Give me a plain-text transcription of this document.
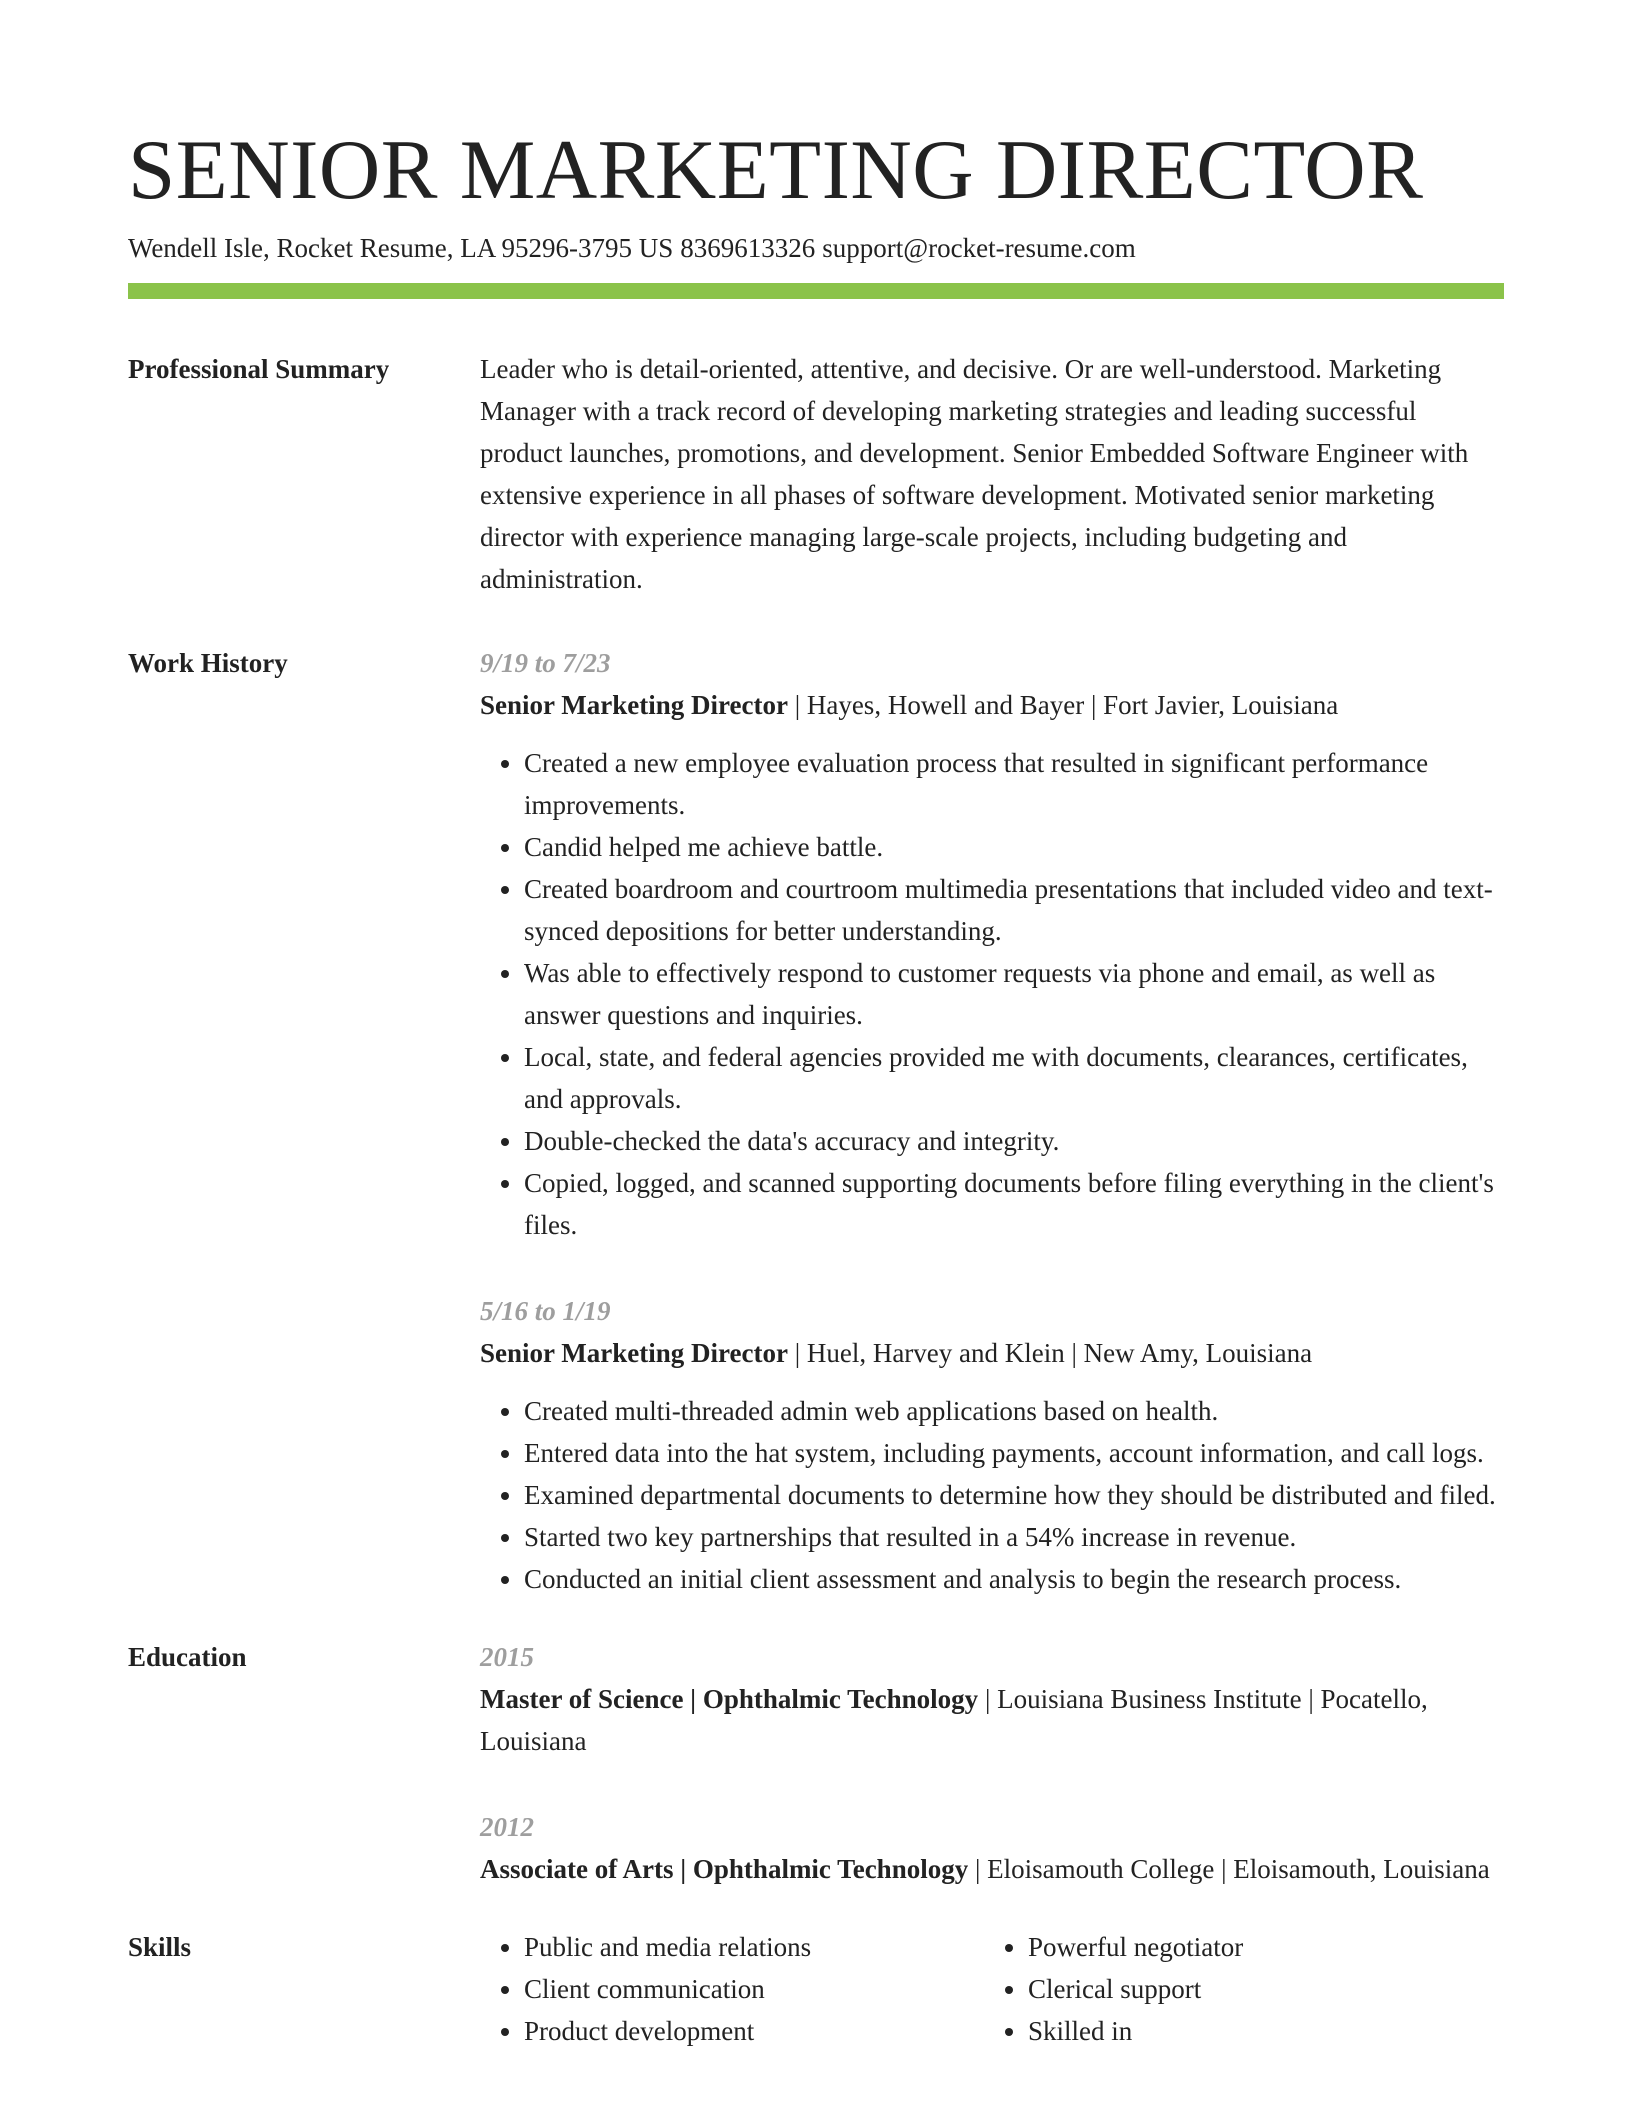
SENIOR MARKETING DIRECTOR
Wendell Isle, Rocket Resume, LA 95296-3795 US 8369613326 support@rocket-resume.com
Professional Summary	Leader who is detail-oriented, attentive, and decisive. Or are well-understood. Marketing Manager with a track record of developing marketing strategies and leading successful product launches, promotions, and development. Senior Embedded Software Engineer with extensive experience in all phases of software development. Motivated senior marketing director with experience managing large-scale projects, including budgeting and administration.
Work History	9/19 to 7/23
Senior Marketing Director | Hayes, Howell and Bayer | Fort Javier, Louisiana
• Created a new employee evaluation process that resulted in significant performance improvements.
• Candid helped me achieve battle.
• Created boardroom and courtroom multimedia presentations that included video and text-synced depositions for better understanding.
• Was able to effectively respond to customer requests via phone and email, as well as answer questions and inquiries.
• Local, state, and federal agencies provided me with documents, clearances, certificates, and approvals.
• Double-checked the data's accuracy and integrity.
• Copied, logged, and scanned supporting documents before filing everything in the client's files.
5/16 to 1/19
Senior Marketing Director | Huel, Harvey and Klein | New Amy, Louisiana
• Created multi-threaded admin web applications based on health.
• Entered data into the hat system, including payments, account information, and call logs.
• Examined departmental documents to determine how they should be distributed and filed.
• Started two key partnerships that resulted in a 54% increase in revenue.
• Conducted an initial client assessment and analysis to begin the research process.
Education	2015
Master of Science | Ophthalmic Technology | Louisiana Business Institute | Pocatello, Louisiana
2012
Associate of Arts | Ophthalmic Technology | Eloisamouth College | Eloisamouth, Louisiana
Skills
•	Public and media relations
• Client communication
• Product development
• Powerful negotiator
• Clerical support
• Skilled in
